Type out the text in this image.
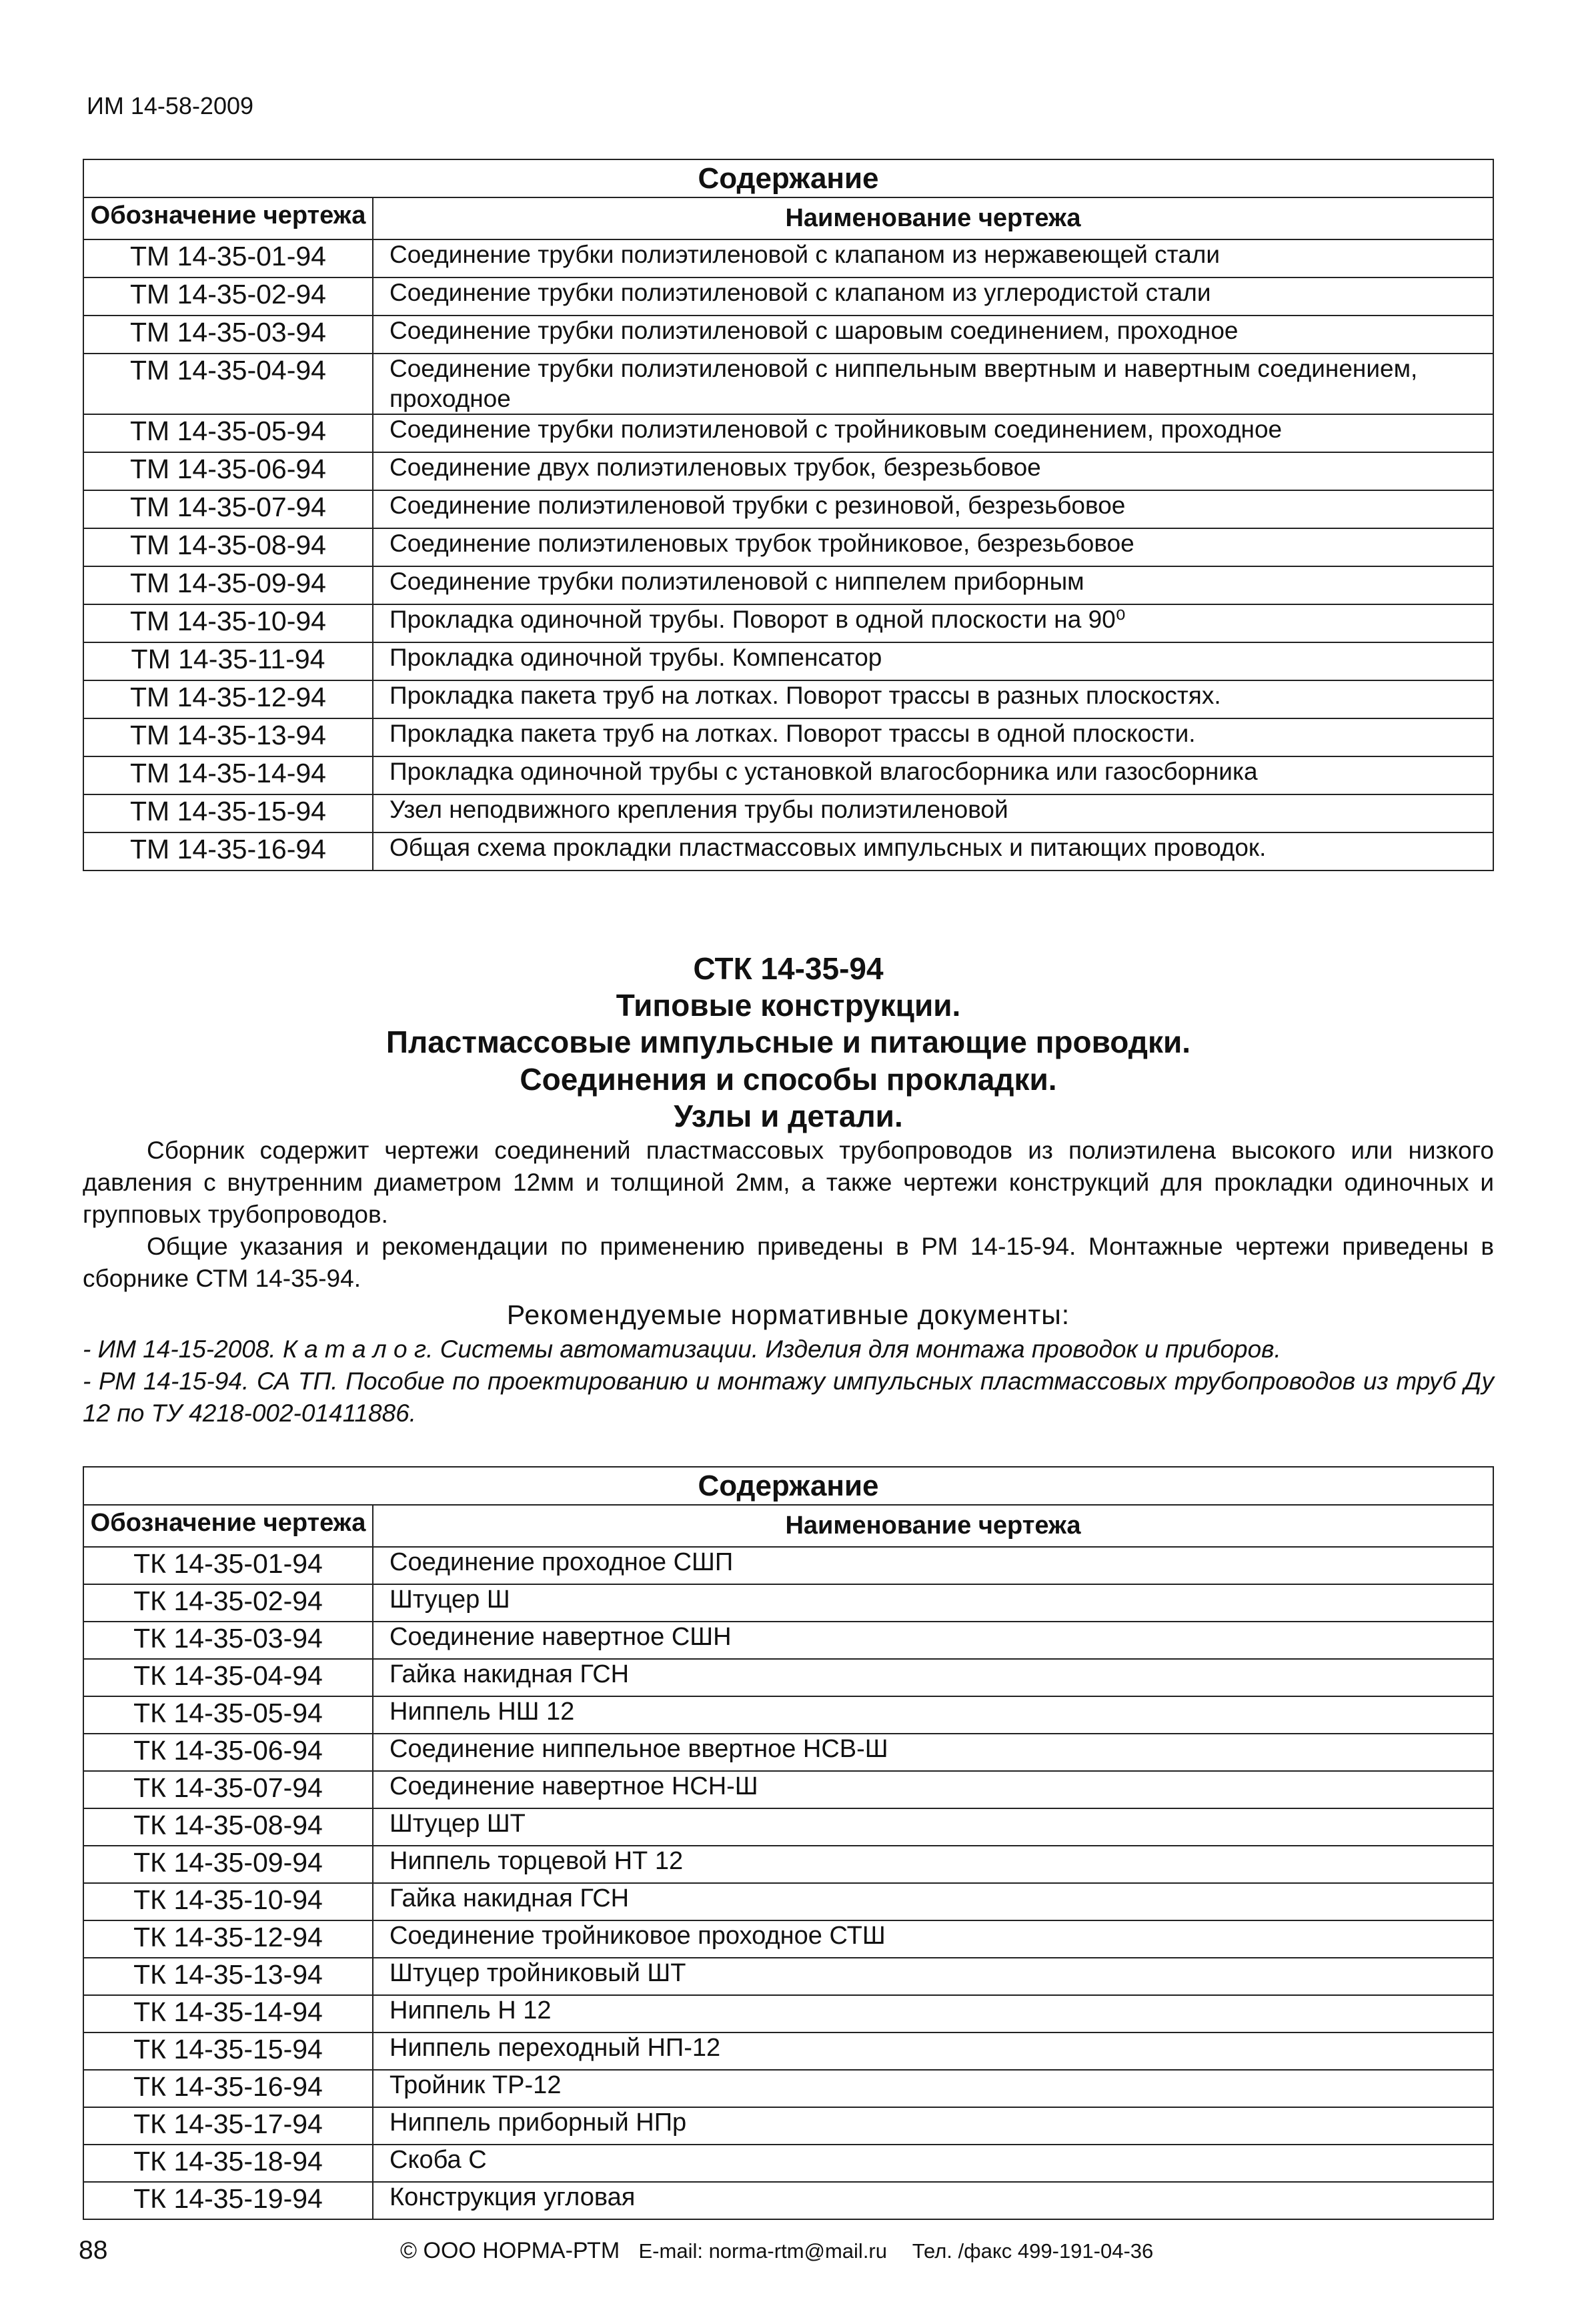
ИМ 14-58-2009
Содержание	
Обозначение чертежа	Наименование чертежа
ТМ 14-35-01-94	Соединение трубки полиэтиленовой с клапаном из нержавеющей стали
ТМ 14-35-02-94	Соединение трубки полиэтиленовой с клапаном из углеродистой стали
ТМ 14-35-03-94	Соединение трубки полиэтиленовой с шаровым соединением, проходное
ТМ 14-35-04-94	Соединение трубки полиэтиленовой с ниппельным ввертным и навертным соединением, проходное
ТМ 14-35-05-94	Соединение трубки полиэтиленовой с тройниковым соединением, проходное
ТМ 14-35-06-94	Соединение двух полиэтиленовых трубок, безрезьбовое
ТМ 14-35-07-94	Соединение полиэтиленовой трубки с резиновой, безрезьбовое
ТМ 14-35-08-94	Соединение полиэтиленовых трубок тройниковое, безрезьбовое
ТМ 14-35-09-94	Соединение трубки полиэтиленовой с ниппелем приборным
ТМ 14-35-10-94	Прокладка одиночной трубы. Поворот в одной плоскости на 90⁰
ТМ 14-35-11-94	Прокладка одиночной трубы. Компенсатор
ТМ 14-35-12-94	Прокладка пакета труб на лотках. Поворот трассы в разных плоскостях.
ТМ 14-35-13-94	Прокладка пакета труб на лотках. Поворот трассы в одной плоскости.
ТМ 14-35-14-94	Прокладка одиночной трубы с установкой влагосборника или газосборника
ТМ 14-35-15-94	Узел неподвижного крепления трубы полиэтиленовой
ТМ 14-35-16-94	Общая схема прокладки пластмассовых импульсных и питающих проводок.
СТК 14-35-94
Типовые конструкции.
Пластмассовые импульсные и питающие проводки.
Соединения и способы прокладки.
Узлы и детали.

Сборник содержит чертежи соединений пластмассовых трубопроводов из полиэтилена высокого или низкого давления с внутренним диаметром 12мм и толщиной 2мм, а также чертежи конструкций для прокладки одиночных и групповых трубопроводов.

Общие указания и рекомендации по применению приведены в РМ 14-15-94. Монтажные чертежи приведены в сборнике СТМ 14-35-94.

Рекомендуемые нормативные документы:

- ИМ 14-15-2008. К а т а л о г. Системы автоматизации. Изделия для монтажа проводок и приборов.

- РМ 14-15-94. СА ТП. Пособие по проектированию и монтажу импульсных пластмассовых трубопроводов из труб Ду 12 по ТУ 4218-002-01411886.

Содержание	
Обозначение чертежа	Наименование чертежа
ТК 14-35-01-94	Соединение проходное СШП
ТК 14-35-02-94	Штуцер Ш
ТК 14-35-03-94	Соединение навертное СШН
ТК 14-35-04-94	Гайка накидная ГСН
ТК 14-35-05-94	Ниппель НШ 12
ТК 14-35-06-94	Соединение ниппельное ввертное НСВ-Ш
ТК 14-35-07-94	Соединение навертное НСН-Ш
ТК 14-35-08-94	Штуцер ШТ
ТК 14-35-09-94	Ниппель торцевой НТ 12
ТК 14-35-10-94	Гайка накидная ГСН
ТК 14-35-12-94	Соединение тройниковое проходное СТШ
ТК 14-35-13-94	Штуцер тройниковый ШТ
ТК 14-35-14-94	Ниппель Н 12
ТК 14-35-15-94	Ниппель переходный НП-12
ТК 14-35-16-94	Тройник ТР-12
ТК 14-35-17-94	Ниппель приборный НПр
ТК 14-35-18-94	Скоба С
ТК 14-35-19-94	Конструкция угловая
88	© ООО НОРМА-РТМ E-mail: norma-rtm@mail.ru Тел. /факс 499-191-04-36
